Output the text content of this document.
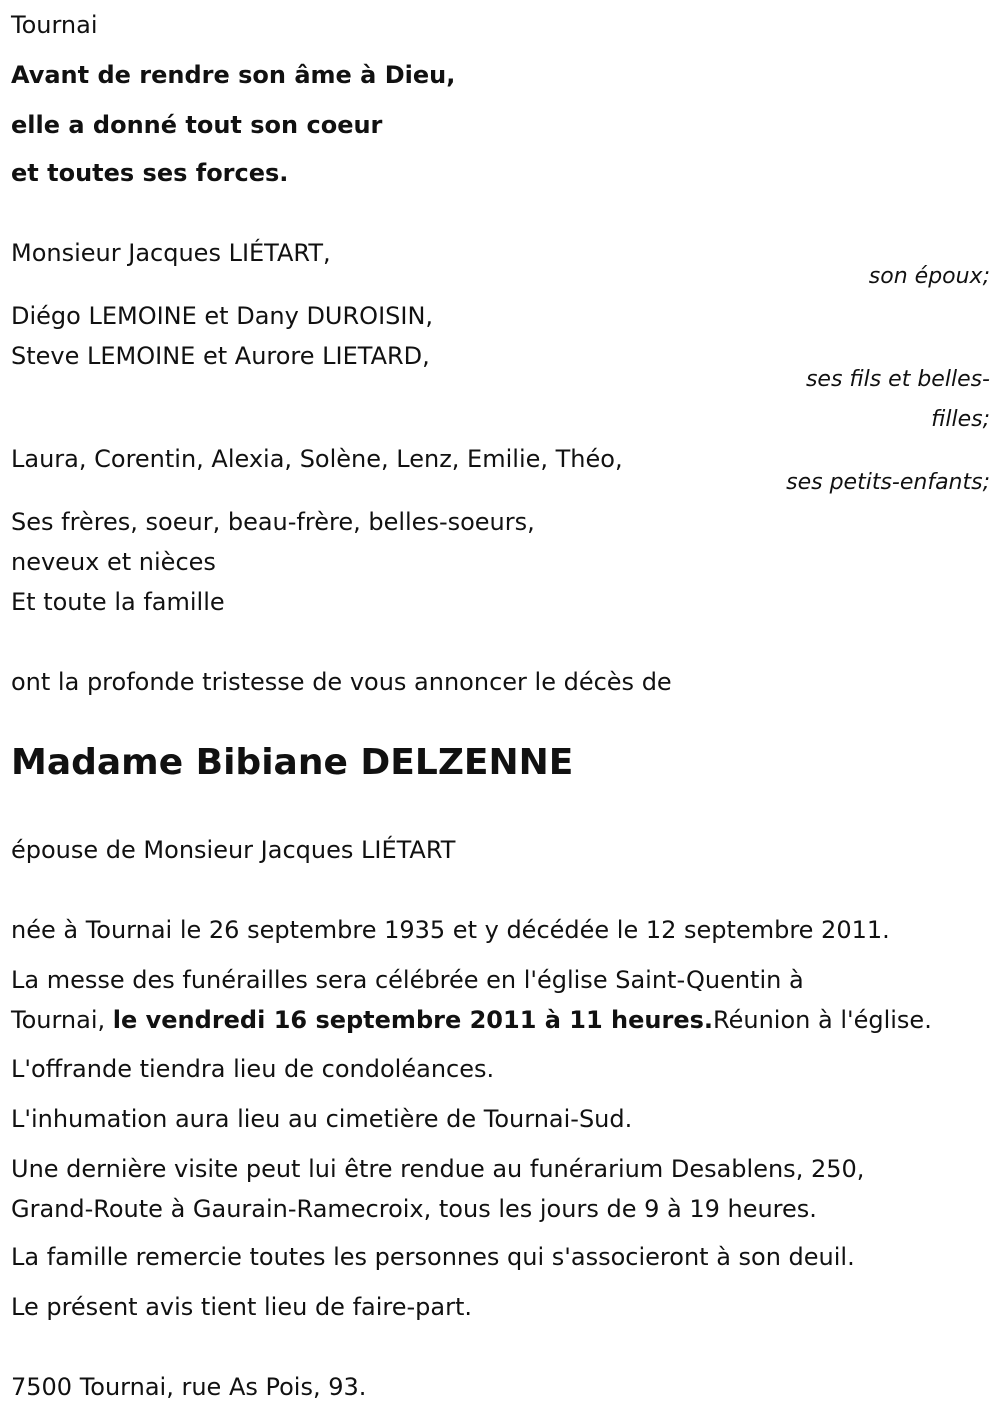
Tournai
Avant de rendre son âme à Dieu,
elle a donné tout son coeur
et toutes ses forces.
Monsieur Jacques LIÉTART,
son époux;
Diégo LEMOINE et Dany DUROISIN,
Steve LEMOINE et Aurore LIETARD,
ses fils et belles-
filles;
Laura, Corentin, Alexia, Solène, Lenz, Emilie, Théo,
ses petits-enfants;
Ses frères, soeur, beau-frère, belles-soeurs,
neveux et nièces
Et toute la famille
ont la profonde tristesse de vous annoncer le décès de
Madame Bibiane DELZENNE
épouse de Monsieur Jacques LIÉTART
née à Tournai le 26 septembre 1935 et y décédée le 12 septembre 2011.
La messe des funérailles sera célébrée en l'église Saint-Quentin à
Tournai, le vendredi 16 septembre 2011 à 11 heures.Réunion à l'église.
L'offrande tiendra lieu de condoléances.
L'inhumation aura lieu au cimetière de Tournai-Sud.
Une dernière visite peut lui être rendue au funérarium Desablens, 250,
Grand-Route à Gaurain-Ramecroix, tous les jours de 9 à 19 heures.
La famille remercie toutes les personnes qui s'associeront à son deuil.
Le présent avis tient lieu de faire-part.
7500 Tournai, rue As Pois, 93.
